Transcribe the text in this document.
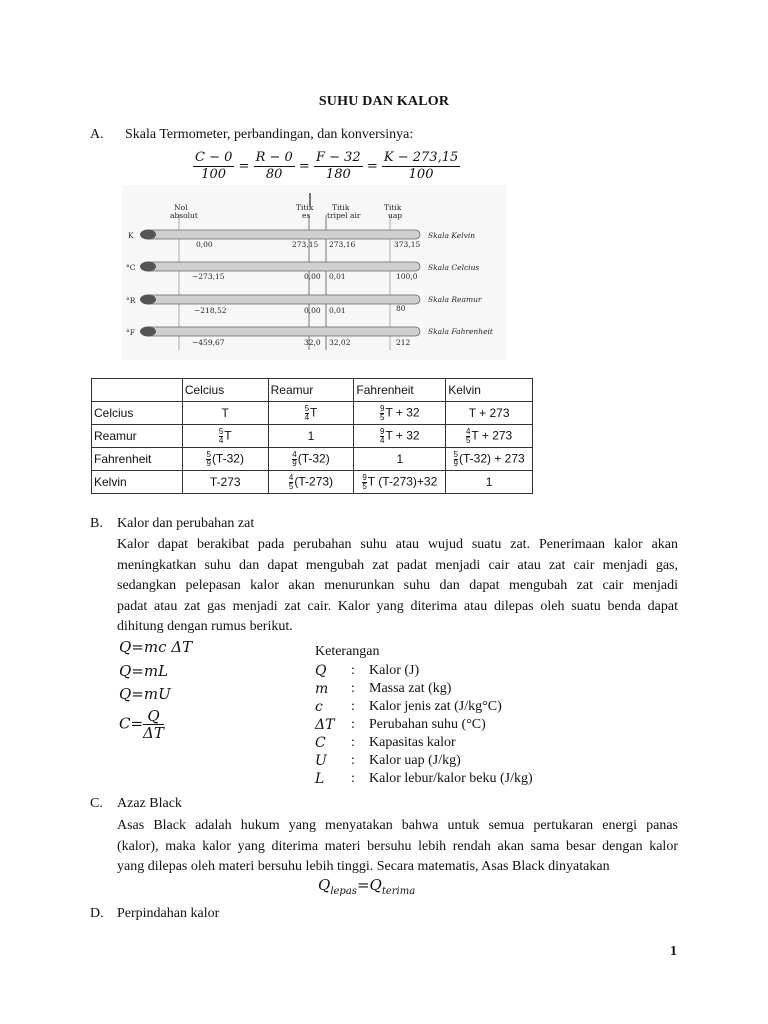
SUHU DAN KALOR
A. Skala Termometer, perbandingan, dan konversinya:
$\frac{C - 0}{100} = \frac{R - 0}{80} = \frac{F - 32}{180} = \frac{K - 273,15}{100}$
Nol
absolut
Titik
es
Titik
tripel air
Titik
uap
K
0,00	273,15 273,16	373,15
Skala Kelvin
°C
−273,15	0,00 0,01	100,0
Skala Celcius
°R
−218,52	0,00 0,01	80
Skala Reamur
°F
−459,67	32,0 32,02	212
Skala Fahrenheit
	Celcius	Reamur	Fahrenheit	Kelvin
Celcius	T	$\frac{5}{4}$ T	$\frac{9}{5}$ T + 32	T + 273
Reamur	$\frac{5}{4}$ T	1	$\frac{9}{4}$ T + 32	$\frac{4}{5}$ T + 273
Fahrenheit	$\frac{5}{9} (T-32)$	$\frac{4}{9} (T-32)$	1	$\frac{5}{9} (T-32) + 273$
Kelvin	T-273	$\frac{4}{5} (T-273)$	$\frac{9}{5}$ T (T-273)+32	1
B. Kalor dan perubahan zat
Kalor dapat berakibat pada perubahan suhu atau wujud suatu zat. Penerimaan kalor akan
meningkatkan suhu dan dapat mengubah zat padat menjadi cair atau zat cair menjadi gas,
sedangkan pelepasan kalor akan menurunkan suhu dan dapat mengubah zat cair menjadi
padat atau zat gas menjadi zat cair. Kalor yang diterima atau dilepas oleh suatu benda dapat
dihitung dengan rumus berikut.
Q=mc ΔT
Q=mL
Q=mU
$C= \frac{Q}{\Delta T}$
Keterangan
Q : Kalor (J)
m : Massa zat (kg)
c : Kalor jenis zat (J/kg°C)
ΔT : Perubahan suhu (°C)
C : Kapasitas kalor
U : Kalor uap (J/kg)
L : Kalor lebur/kalor beku (J/kg)
C. Azaz Black
Asas Black adalah hukum yang menyatakan bahwa untuk semua pertukaran energi panas
(kalor), maka kalor yang diterima materi bersuhu lebih rendah akan sama besar dengan kalor
yang dilepas oleh materi bersuhu lebih tinggi. Secara matematis, Asas Black dinyatakan
$Q_{lepas}=Q_{terima}$
D. Perpindahan kalor
1
